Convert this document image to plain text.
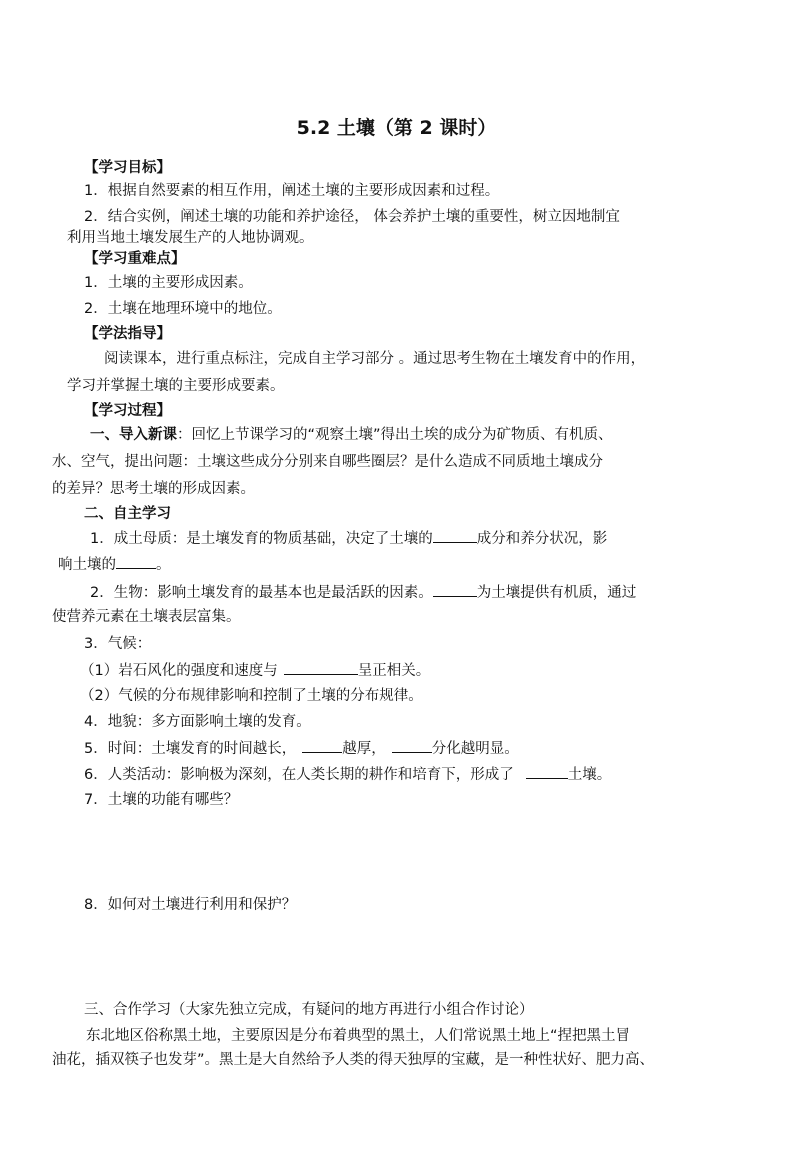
5.2 土壤（第 2 课时）
【学习目标】
1．根据自然要素的相互作用，阐述土壤的主要形成因素和过程。
2．结合实例，阐述土壤的功能和养护途径， 体会养护土壤的重要性，树立因地制宜
利用当地土壤发展生产的人地协调观。
【学习重难点】
1．土壤的主要形成因素。
2．土壤在地理环境中的地位。
【学法指导】
阅读课本，进行重点标注，完成自主学习部分 。通过思考生物在土壤发育中的作用，
学习并掌握土壤的主要形成要素。
【学习过程】
一、导入新课：回忆上节课学习的“观察土壤”得出土埃的成分为矿物质、有机质、
水、空气，提出问题：土壤这些成分分别来自哪些圈层？是什么造成不同质地土壤成分
的差异？思考土壤的形成因素。
二、自主学习
1．成土母质：是土壤发育的物质基础，决定了土壤的	成分和养分状况，影
响土壤的	。
2．生物：影响土壤发育的最基本也是最活跃的因素。	为土壤提供有机质，通过
使营养元素在土壤表层富集。
3．气候：
（1）岩石风化的强度和速度与	呈正相关。
（2）气候的分布规律影响和控制了土壤的分布规律。
4．地貌：多方面影响土壤的发育。
5．时间：土壤发育的时间越长，	越厚，	分化越明显。
6．人类活动：影响极为深刻，在人类长期的耕作和培育下，形成了	土壤。
7．土壤的功能有哪些？
8．如何对土壤进行利用和保护？
三、合作学习（大家先独立完成，有疑问的地方再进行小组合作讨论）
东北地区俗称黑土地，主要原因是分布着典型的黑土，人们常说黑土地上“捏把黑土冒
油花，插双筷子也发芽”。黑土是大自然给予人类的得天独厚的宝藏，是一种性状好、肥力高、
